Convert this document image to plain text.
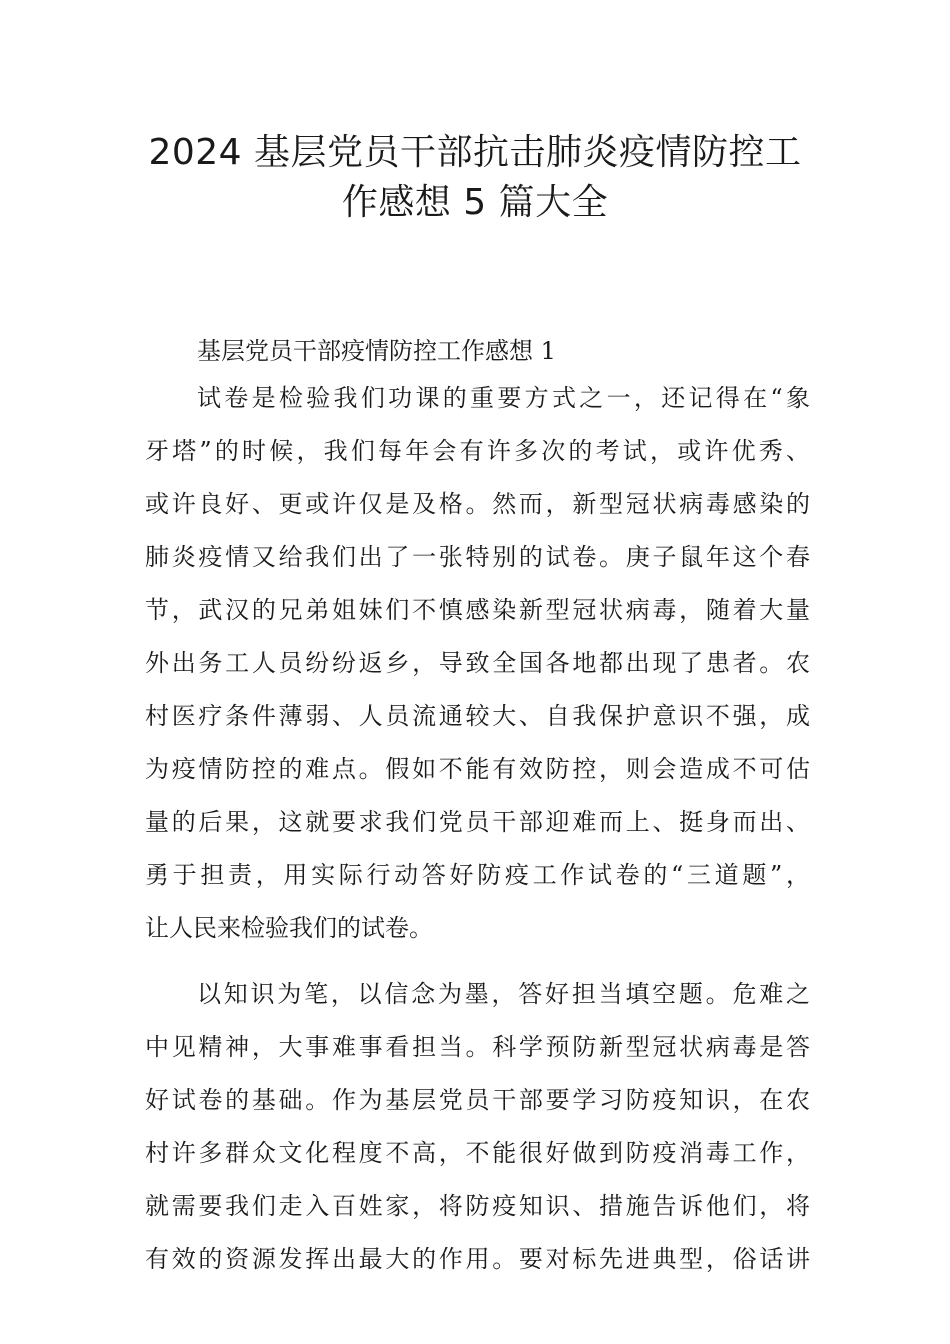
2024 基层党员干部抗击肺炎疫情防控工
作感想 5 篇大全

基层党员干部疫情防控工作感想 1

试卷是检验我们功课的重要方式之一，还记得在“象
牙塔”的时候，我们每年会有许多次的考试，或许优秀、
或许良好、更或许仅是及格。然而，新型冠状病毒感染的
肺炎疫情又给我们出了一张特别的试卷。庚子鼠年这个春
节，武汉的兄弟姐妹们不慎感染新型冠状病毒，随着大量
外出务工人员纷纷返乡，导致全国各地都出现了患者。农
村医疗条件薄弱、人员流通较大、自我保护意识不强，成
为疫情防控的难点。假如不能有效防控，则会造成不可估
量的后果，这就要求我们党员干部迎难而上、挺身而出、
勇于担责，用实际行动答好防疫工作试卷的“三道题”，
让人民来检验我们的试卷。
以知识为笔，以信念为墨，答好担当填空题。危难之
中见精神，大事难事看担当。科学预防新型冠状病毒是答
好试卷的基础。作为基层党员干部要学习防疫知识，在农
村许多群众文化程度不高，不能很好做到防疫消毒工作，
就需要我们走入百姓家，将防疫知识、措施告诉他们，将
有效的资源发挥出最大的作用。要对标先进典型，俗话讲
